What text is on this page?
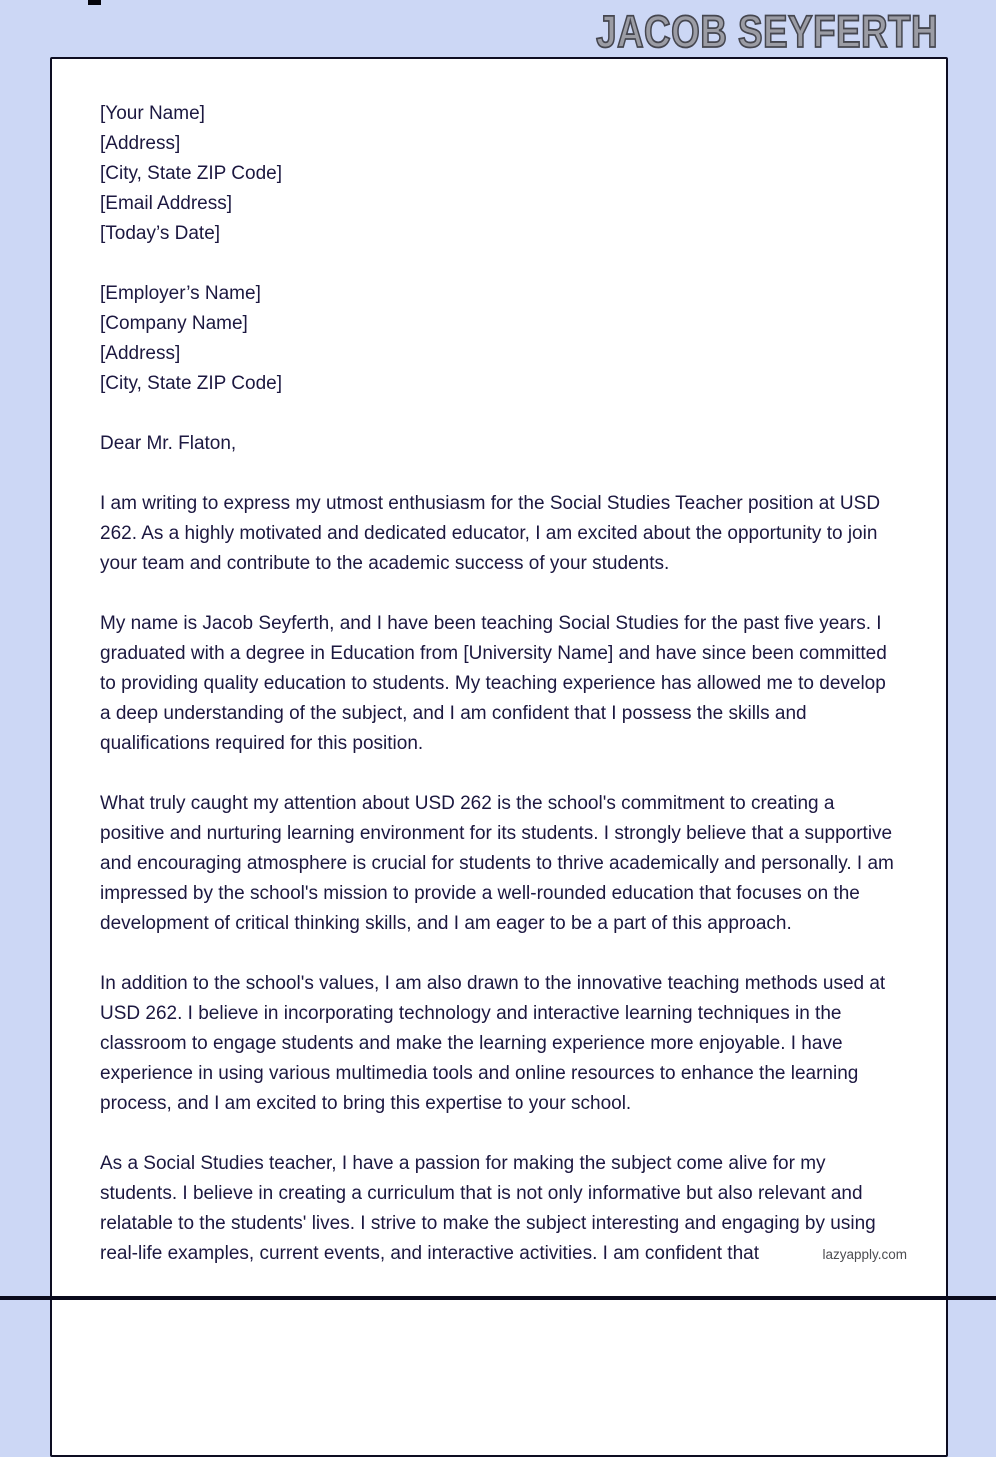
JACOB SEYFERTH
[Your Name]
[Address]
[City, State ZIP Code]
[Email Address]
[Today’s Date]
[Employer’s Name]
[Company Name]
[Address]
[City, State ZIP Code]
Dear Mr. Flaton,

I am writing to express my utmost enthusiasm for the Social Studies Teacher position at USD 262. As a highly motivated and dedicated educator, I am excited about the opportunity to join your team and contribute to the academic success of your students.

My name is Jacob Seyferth, and I have been teaching Social Studies for the past five years. I graduated with a degree in Education from [University Name] and have since been committed to providing quality education to students. My teaching experience has allowed me to develop a deep understanding of the subject, and I am confident that I possess the skills and qualifications required for this position.

What truly caught my attention about USD 262 is the school's commitment to creating a positive and nurturing learning environment for its students. I strongly believe that a supportive and encouraging atmosphere is crucial for students to thrive academically and personally. I am impressed by the school's mission to provide a well-rounded education that focuses on the development of critical thinking skills, and I am eager to be a part of this approach.

In addition to the school's values, I am also drawn to the innovative teaching methods used at USD 262. I believe in incorporating technology and interactive learning techniques in the classroom to engage students and make the learning experience more enjoyable. I have experience in using various multimedia tools and online resources to enhance the learning process, and I am excited to bring this expertise to your school.

As a Social Studies teacher, I have a passion for making the subject come alive for my students. I believe in creating a curriculum that is not only informative but also relevant and relatable to the students' lives. I strive to make the subject interesting and engaging by using real-life examples, current events, and interactive activities. I am confident that	lazyapply.com
